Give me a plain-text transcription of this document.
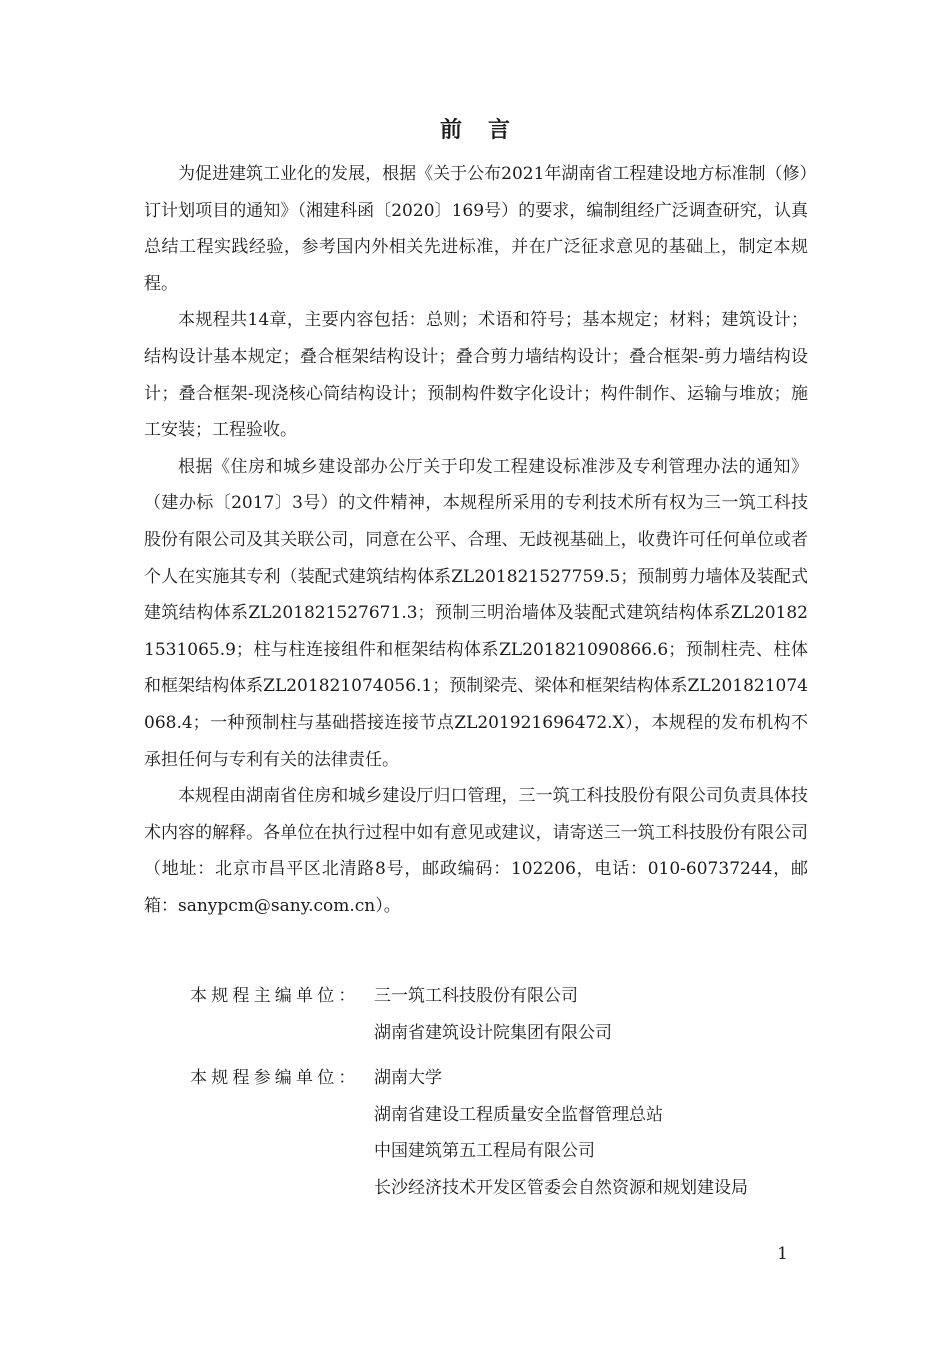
前言

为促进建筑工业化的发展，根据《关于公布2021年湖南省工程建设地方标准制（修）订计划项目的通知》（湘建科函〔2020〕169号）的要求，编制组经广泛调查研究，认真总结工程实践经验，参考国内外相关先进标准，并在广泛征求意见的基础上，制定本规程。

本规程共14章，主要内容包括：总则；术语和符号；基本规定；材料；建筑设计；结构设计基本规定；叠合框架结构设计；叠合剪力墙结构设计；叠合框架-剪力墙结构设计；叠合框架-现浇核心筒结构设计；预制构件数字化设计；构件制作、运输与堆放；施工安装；工程验收。

根据《住房和城乡建设部办公厅关于印发工程建设标准涉及专利管理办法的通知》（建办标〔2017〕3号）的文件精神，本规程所采用的专利技术所有权为三一筑工科技股份有限公司及其关联公司，同意在公平、合理、无歧视基础上，收费许可任何单位或者个人在实施其专利（装配式建筑结构体系ZL201821527759.5；预制剪力墙体及装配式建筑结构体系ZL201821527671.3；预制三明治墙体及装配式建筑结构体系ZL201821531065.9；柱与柱连接组件和框架结构体系ZL201821090866.6；预制柱壳、柱体和框架结构体系ZL201821074056.1；预制梁壳、梁体和框架结构体系ZL201821074068.4；一种预制柱与基础搭接连接节点ZL201921696472.X），本规程的发布机构不承担任何与专利有关的法律责任。

本规程由湖南省住房和城乡建设厅归口管理，三一筑工科技股份有限公司负责具体技术内容的解释。各单位在执行过程中如有意见或建议，请寄送三一筑工科技股份有限公司（地址：北京市昌平区北清路8号，邮政编码：102206，电话：010-60737244，邮箱：sanypcm@sany.com.cn）。

本规程主编单位： 三一筑工科技股份有限公司
湖南省建筑设计院集团有限公司
本规程参编单位： 湖南大学
湖南省建设工程质量安全监督管理总站
中国建筑第五工程局有限公司
长沙经济技术开发区管委会自然资源和规划建设局
1
